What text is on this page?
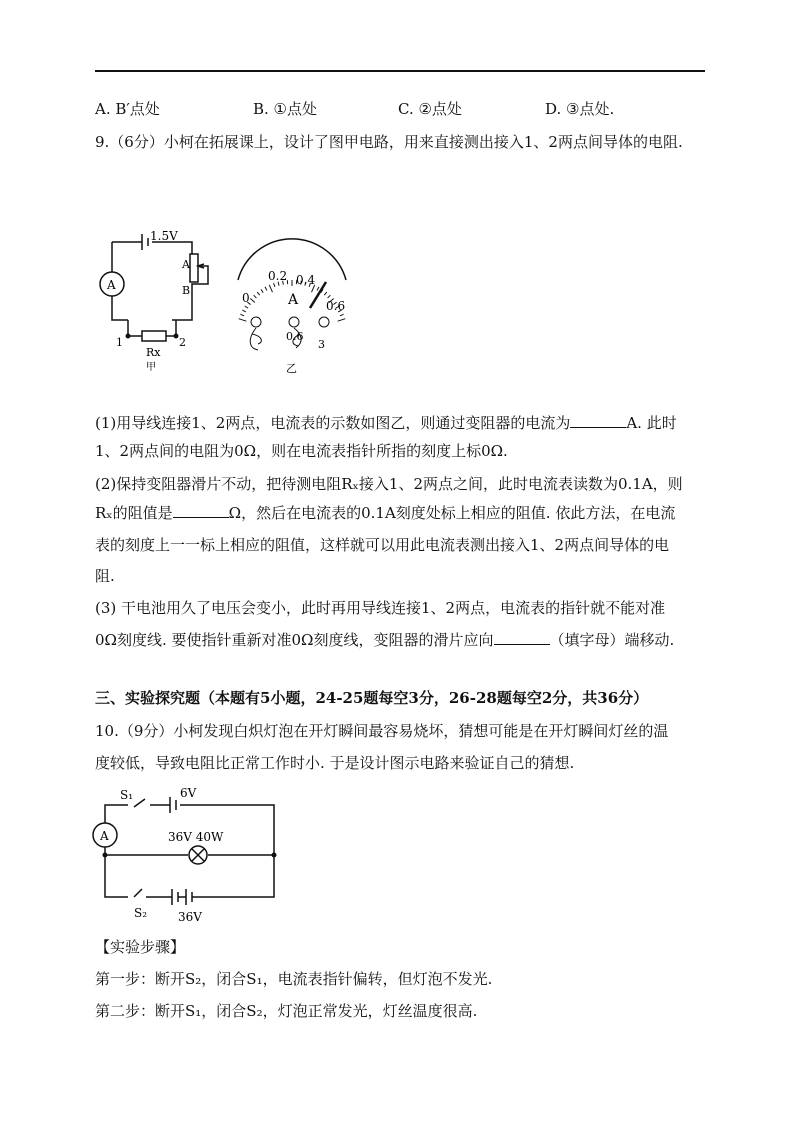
A. B′点处	B. ①点处	C. ②点处	D. ③点处.
9.（6分）小柯在拓展课上，设计了图甲电路，用来直接测出接入1、2两点间导体的电阻.
1.5V
A
B
A
1	2
Rx
甲
0
0.2 0.4
0.6
A
0.6
3
乙
(1)用导线连接1、2两点，电流表的示数如图乙，则通过变阻器的电流为	A. 此时
1、2两点间的电阻为0Ω，则在电流表指针所指的刻度上标0Ω.
(2)保持变阻器滑片不动，把待测电阻Rₓ接入1、2两点之间，此时电流表读数为0.1A，则
Rₓ的阻值是	Ω，然后在电流表的0.1A刻度处标上相应的阻值. 依此方法，在电流
表的刻度上一一标上相应的阻值，这样就可以用此电流表测出接入1、2两点间导体的电
阻.
(3) 干电池用久了电压会变小，此时再用导线连接1、2两点，电流表的指针就不能对准
0Ω刻度线. 要使指针重新对准0Ω刻度线，变阻器的滑片应向	（填字母）端移动.
三、实验探究题（本题有5小题，24-25题每空3分，26-28题每空2分，共36分）
10.（9分）小柯发现白炽灯泡在开灯瞬间最容易烧坏，猜想可能是在开灯瞬间灯丝的温
度较低，导致电阻比正常工作时小. 于是设计图示电路来验证自己的猜想.
S₁	6V
A	36V 40W
S₂	36V
【实验步骤】
第一步：断开S₂，闭合S₁，电流表指针偏转，但灯泡不发光.
第二步：断开S₁，闭合S₂，灯泡正常发光，灯丝温度很高.
